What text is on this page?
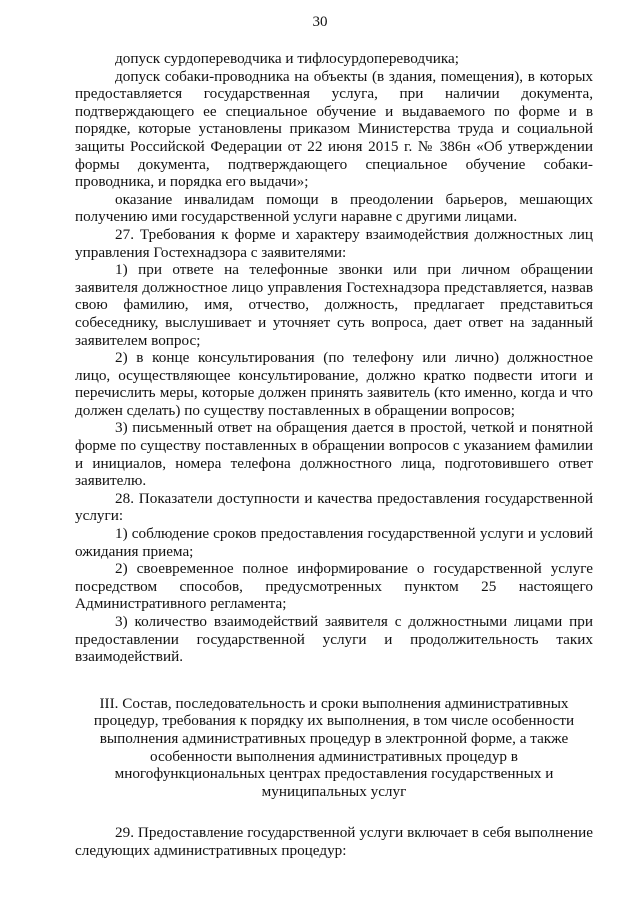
30

допуск сурдопереводчика и тифлосурдопереводчика;

допуск собаки-проводника на объекты (в здания, помещения), в которых предоставляется государственная услуга, при наличии документа, подтверждающего ее специальное обучение и выдаваемого по форме и в порядке, которые установлены приказом Министерства труда и социальной защиты Российской Федерации от 22 июня 2015 г. № 386н «Об утверждении формы документа, подтверждающего специальное обучение собаки-проводника, и порядка его выдачи»;

оказание инвалидам помощи в преодолении барьеров, мешающих получению ими государственной услуги наравне с другими лицами.

27. Требования к форме и характеру взаимодействия должностных лиц управления Гостехнадзора с заявителями:

1) при ответе на телефонные звонки или при личном обращении заявителя должностное лицо управления Гостехнадзора представляется, назвав свою фамилию, имя, отчество, должность, предлагает представиться собеседнику, выслушивает и уточняет суть вопроса, дает ответ на заданный заявителем вопрос;

2) в конце консультирования (по телефону или лично) должностное лицо, осуществляющее консультирование, должно кратко подвести итоги и перечислить меры, которые должен принять заявитель (кто именно, когда и что должен сделать) по существу поставленных в обращении вопросов;

3) письменный ответ на обращения дается в простой, четкой и понятной форме по существу поставленных в обращении вопросов с указанием фамилии и инициалов, номера телефона должностного лица, подготовившего ответ заявителю.

28. Показатели доступности и качества предоставления государственной услуги:

1) соблюдение сроков предоставления государственной услуги и условий ожидания приема;

2) своевременное полное информирование о государственной услуге посредством способов, предусмотренных пунктом 25 настоящего Административного регламента;

3) количество взаимодействий заявителя с должностными лицами при предоставлении государственной услуги и продолжительность таких взаимодействий.

III. Состав, последовательность и сроки выполнения административных процедур, требования к порядку их выполнения, в том числе особенности выполнения административных процедур в электронной форме, а также особенности выполнения административных процедур в многофункциональных центрах предоставления государственных и муниципальных услуг

29. Предоставление государственной услуги включает в себя выполнение следующих административных процедур:
